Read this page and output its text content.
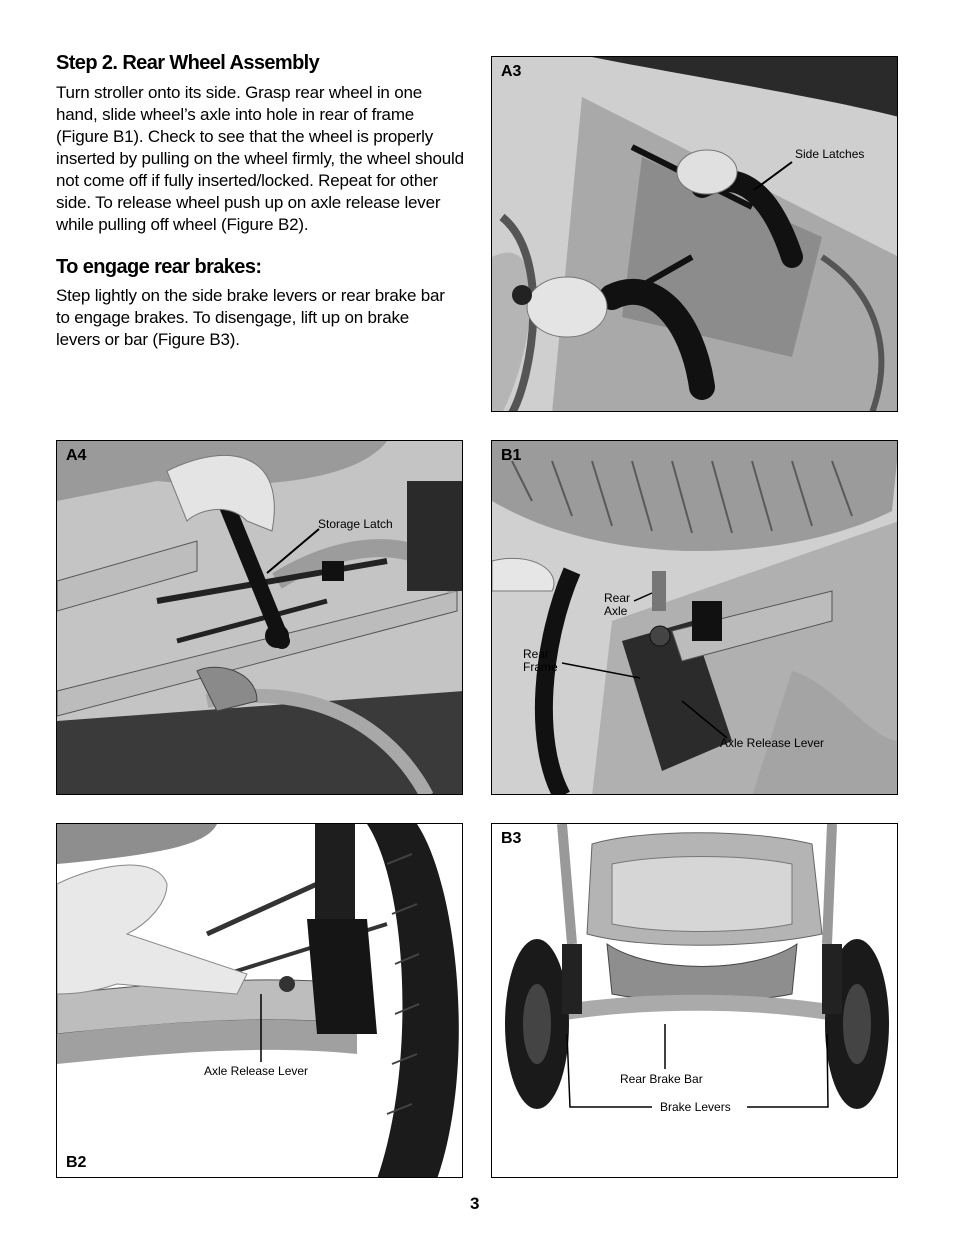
Step 2. Rear Wheel Assembly

Turn stroller onto its side. Grasp rear wheel in one hand, slide wheel’s axle into hole in rear of frame (Figure B1). Check to see that the wheel is properly inserted by pulling on the wheel firmly, the wheel should not come off if fully inserted/locked. Repeat for other side. To release wheel push up on axle release lever while pulling off wheel (Figure B2).

To engage rear brakes:

Step lightly on the side brake levers or rear brake bar to engage brakes. To disengage, lift up on brake levers or bar (Figure B3).

A3
Side Latches
A4
Storage Latch
B1
Rear Axle
Rear Frame
Axle Release Lever
Axle Release Lever
B2
B3
Rear Brake Bar
Brake Levers
3
